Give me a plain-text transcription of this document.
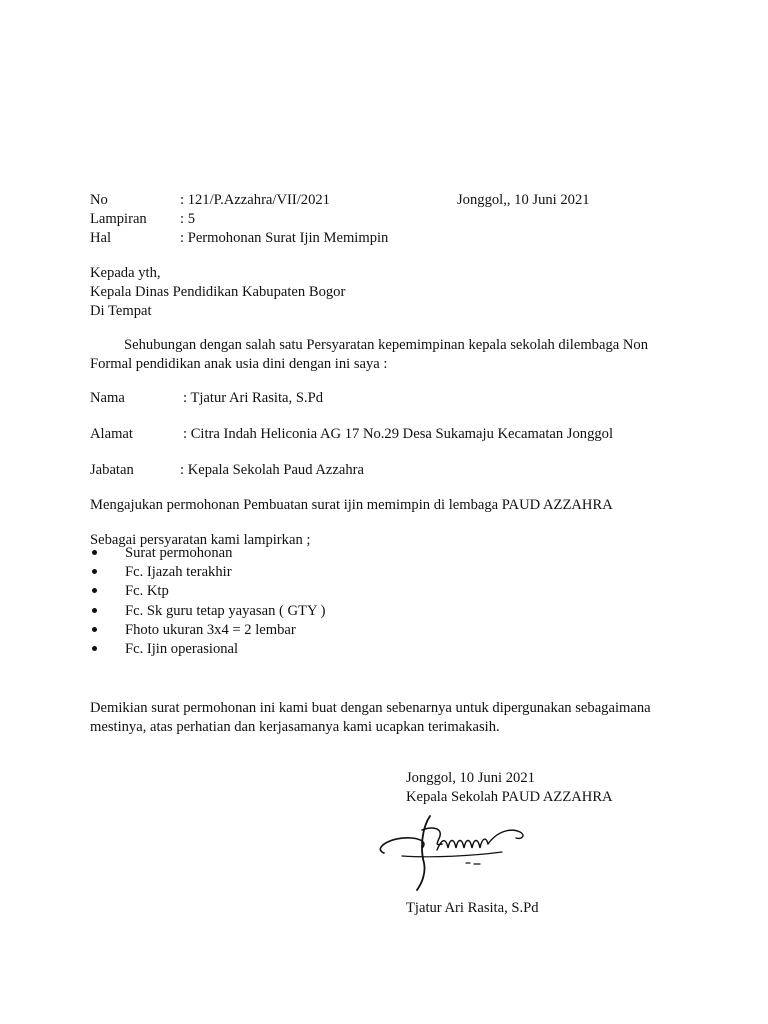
No	: 121/P.Azzahra/VII/2021	Jonggol,, 10 Juni 2021
Lampiran : 5
Hal	: Permohonan Surat Ijin Memimpin
Kepada yth,
Kepala Dinas Pendidikan Kabupaten Bogor
Di Tempat
Sehubungan dengan salah satu Persyaratan kepemimpinan kepala sekolah dilembaga Non
Formal pendidikan anak usia dini dengan ini saya :
Nama	: Tjatur Ari Rasita, S.Pd
Alamat	: Citra Indah Heliconia AG 17 No.29 Desa Sukamaju Kecamatan Jonggol
Jabatan	: Kepala Sekolah Paud Azzahra
Mengajukan permohonan Pembuatan surat ijin memimpin di lembaga PAUD AZZAHRA
Sebagai persyaratan kami lampirkan ;
Surat permohonan
Fc. Ijazah terakhir
Fc. Ktp
Fc. Sk guru tetap yayasan ( GTY )
Fhoto ukuran 3x4 = 2 lembar
Fc. Ijin operasional
Demikian surat permohonan ini kami buat dengan sebenarnya untuk dipergunakan sebagaimana
mestinya, atas perhatian dan kerjasamanya kami ucapkan terimakasih.
Jonggol, 10 Juni 2021
Kepala Sekolah PAUD AZZAHRA
Tjatur Ari Rasita, S.Pd
